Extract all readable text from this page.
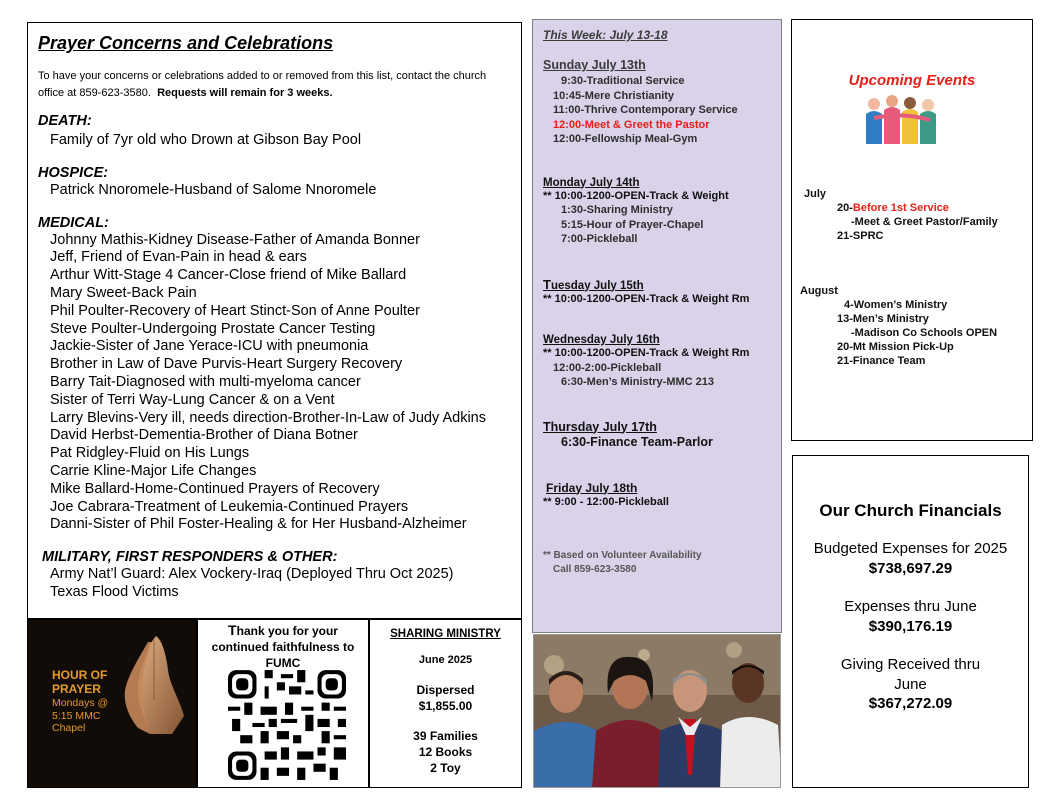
Prayer Concerns and Celebrations
To have your concerns or celebrations added to or removed from this list, contact the church office at 859-623-3580. Requests will remain for 3 weeks.
DEATH:
Family of 7yr old who Drown at Gibson Bay Pool
HOSPICE:
Patrick Nnoromele-Husband of Salome Nnoromele
MEDICAL:
Johnny Mathis-Kidney Disease-Father of Amanda Bonner
Jeff, Friend of Evan-Pain in head & ears
Arthur Witt-Stage 4 Cancer-Close friend of Mike Ballard
Mary Sweet-Back Pain
Phil Poulter-Recovery of Heart Stinct-Son of Anne Poulter
Steve Poulter-Undergoing Prostate Cancer Testing
Jackie-Sister of Jane Yerace-ICU with pneumonia
Brother in Law of Dave Purvis-Heart Surgery Recovery
Barry Tait-Diagnosed with multi-myeloma cancer
Sister of Terri Way-Lung Cancer & on a Vent
Larry Blevins-Very ill, needs direction-Brother-In-Law of Judy Adkins
David Herbst-Dementia-Brother of Diana Botner
Pat Ridgley-Fluid on His Lungs
Carrie Kline-Major Life Changes
Mike Ballard-Home-Continued Prayers of Recovery
Joe Cabrara-Treatment of Leukemia-Continued Prayers
Danni-Sister of Phil Foster-Healing & for Her Husband-Alzheimer
MILITARY, FIRST RESPONDERS & OTHER:
Army Nat’l Guard: Alex Vockery-Iraq (Deployed Thru Oct 2025)
Texas Flood Victims
HOUR OF PRAYER
Mondays @ 5:15 MMC Chapel
Thank you for your continued faithfulness to FUMC
SHARING MINISTRY
June 2025
Dispersed
$1,855.00
39 Families
12 Books
2 Toy
This Week: July 13-18
Sunday July 13th
9:30-Traditional Service
10:45-Mere Christianity
11:00-Thrive Contemporary Service
12:00-Meet & Greet the Pastor
12:00-Fellowship Meal-Gym
Monday July 14th
** 10:00-1200-OPEN-Track & Weight
1:30-Sharing Ministry
5:15-Hour of Prayer-Chapel
7:00-Pickleball
Tuesday July 15th
** 10:00-1200-OPEN-Track & Weight Rm
Wednesday July 16th
** 10:00-1200-OPEN-Track & Weight Rm
12:00-2:00-Pickleball
6:30-Men’s Ministry-MMC 213
Thursday July 17th
6:30-Finance Team-Parlor
Friday July 18th
** 9:00 - 12:00-Pickleball
** Based on Volunteer Availability
Call 859-623-3580
Upcoming Events
July
20-Before 1st Service
-Meet & Greet Pastor/Family
21-SPRC
August
4-Women’s Ministry
13-Men’s Ministry
-Madison Co Schools OPEN
20-Mt Mission Pick-Up
21-Finance Team
Our Church Financials
Budgeted Expenses for 2025
$738,697.29
Expenses thru June
$390,176.19
Giving Received thru
June
$367,272.09
